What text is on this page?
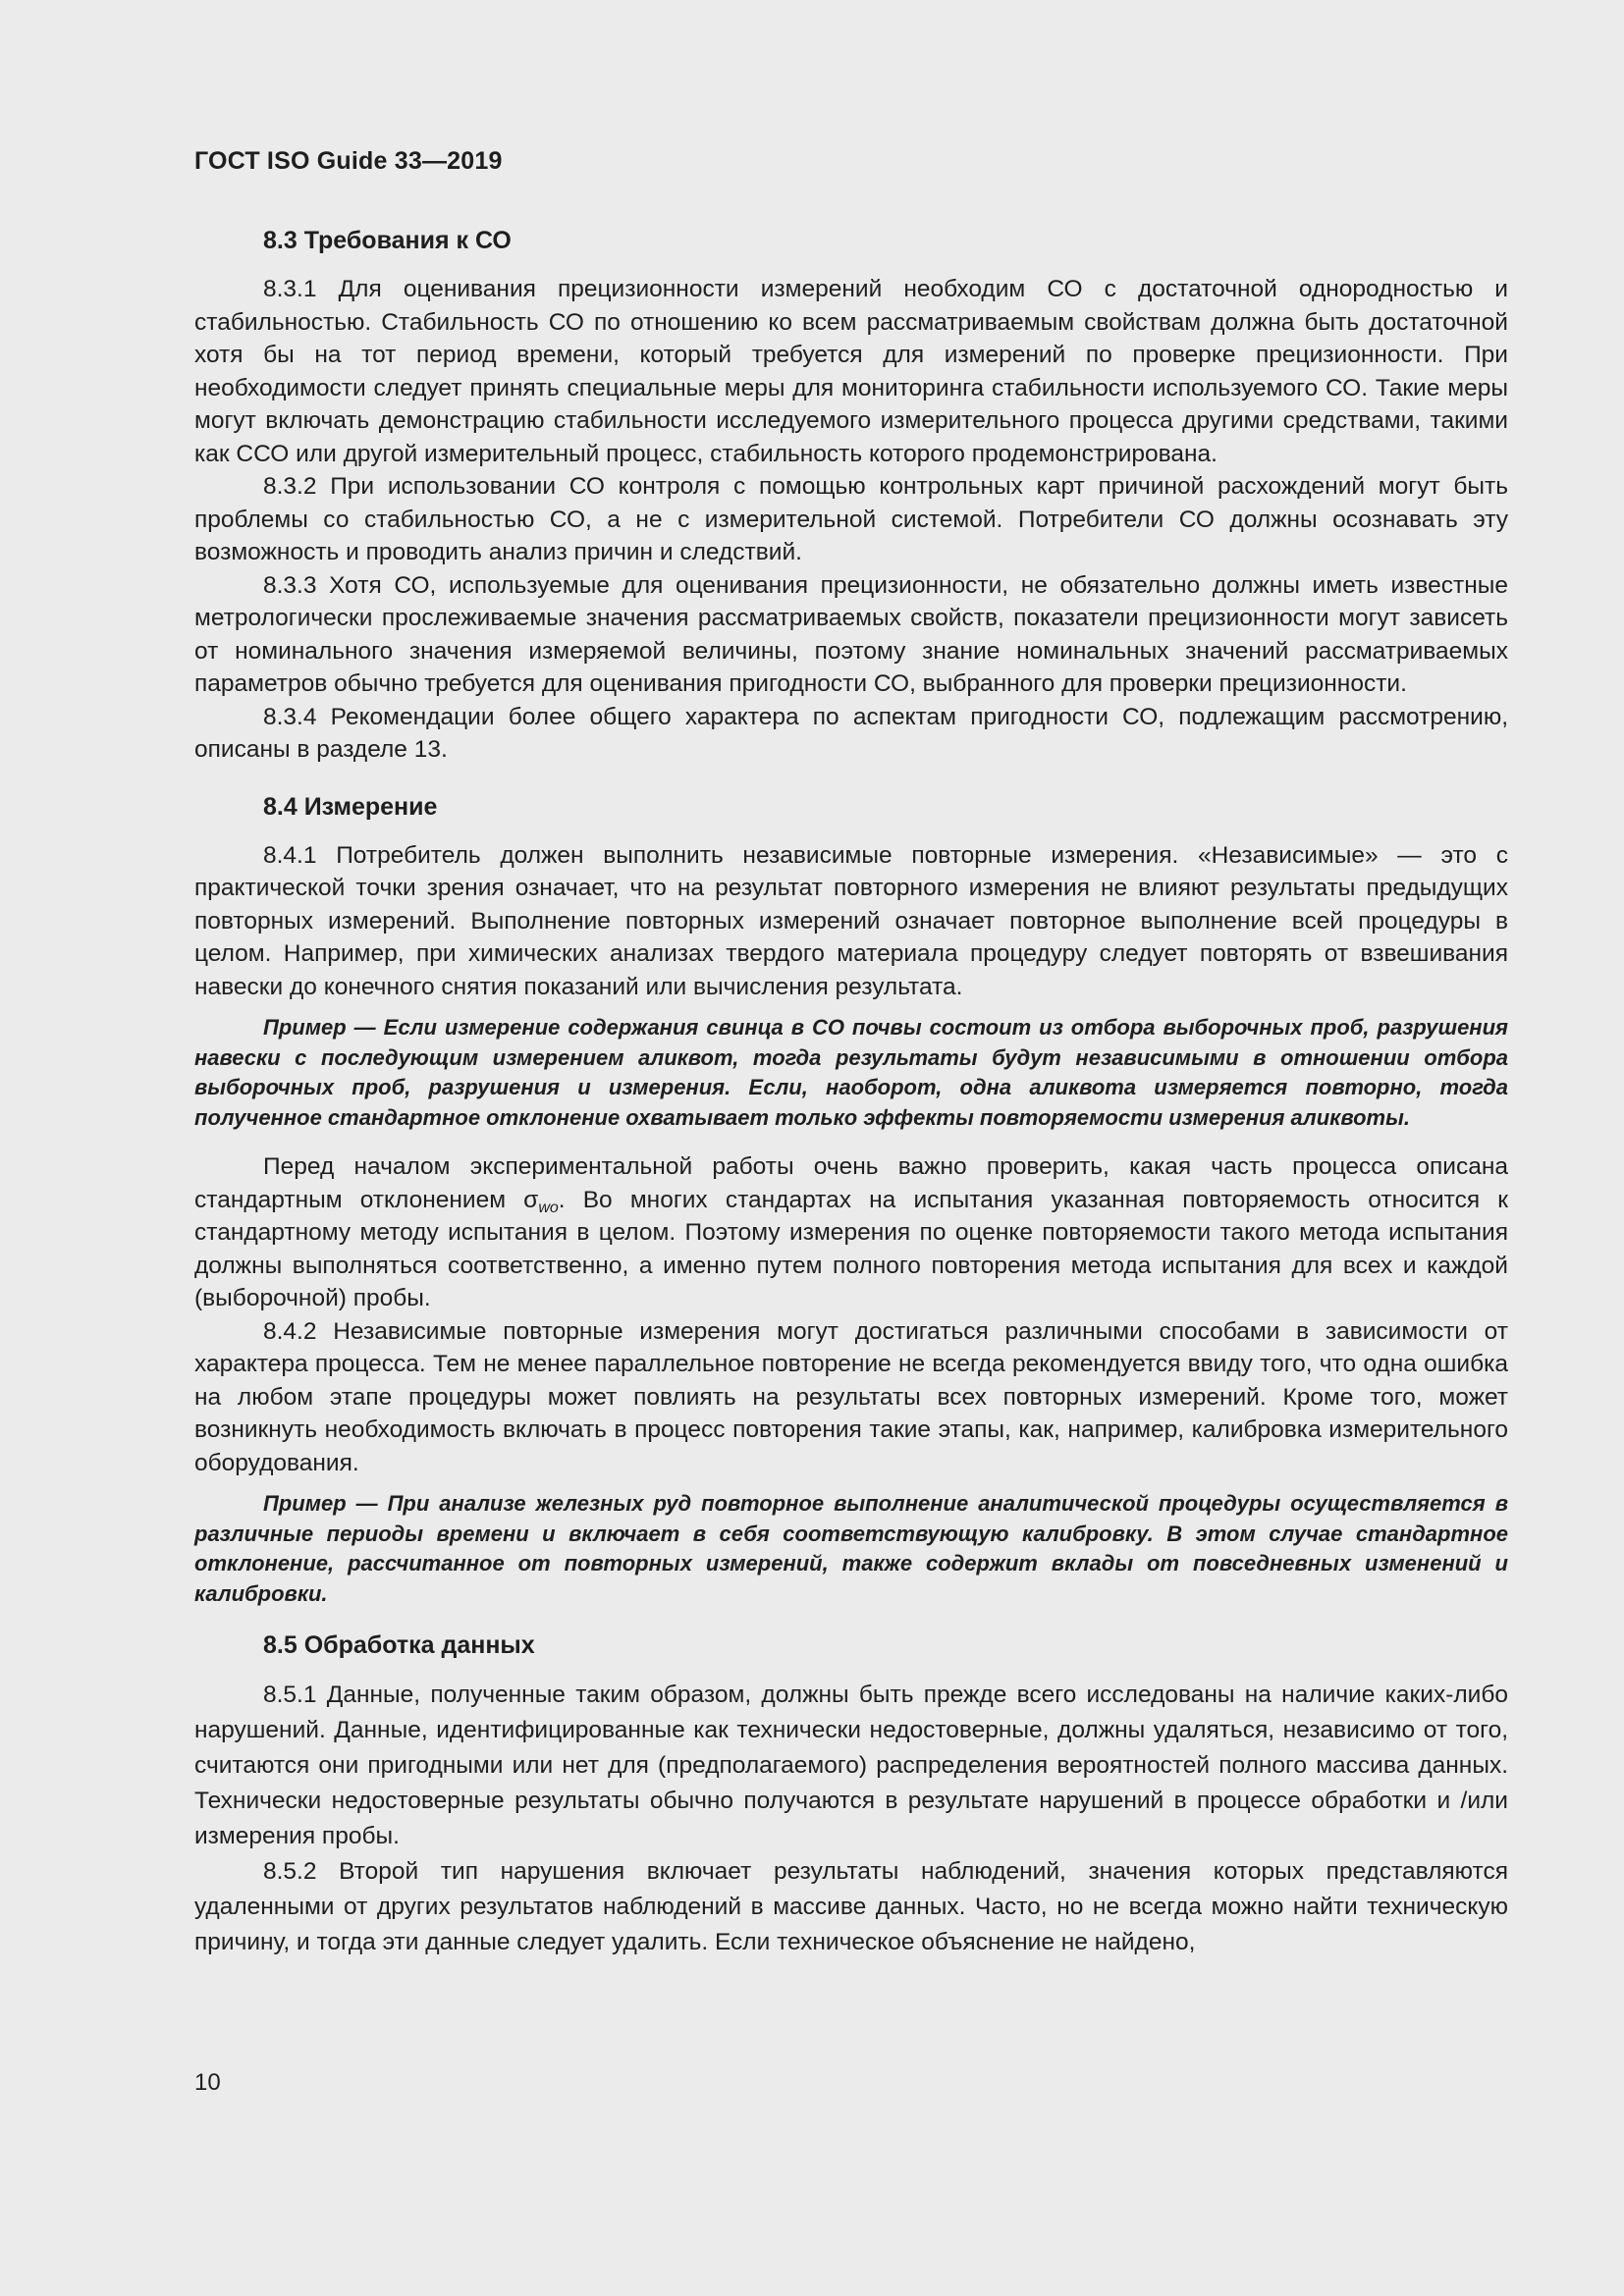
ГОСТ ISO Guide 33—2019
8.3 Требования к СО

8.3.1 Для оценивания прецизионности измерений необходим СО с достаточной однородностью и стабильностью. Стабильность СО по отношению ко всем рассматриваемым свойствам должна быть достаточной хотя бы на тот период времени, который требуется для измерений по проверке прецизионности. При необходимости следует принять специальные меры для мониторинга стабильности используемого СО. Такие меры могут включать демонстрацию стабильности исследуемого измерительного процесса другими средствами, такими как ССО или другой измерительный процесс, стабильность которого продемонстрирована.

8.3.2 При использовании СО контроля с помощью контрольных карт причиной расхождений могут быть проблемы со стабильностью СО, а не с измерительной системой. Потребители СО должны осознавать эту возможность и проводить анализ причин и следствий.

8.3.3 Хотя СО, используемые для оценивания прецизионности, не обязательно должны иметь известные метрологически прослеживаемые значения рассматриваемых свойств, показатели прецизионности могут зависеть от номинального значения измеряемой величины, поэтому знание номинальных значений рассматриваемых параметров обычно требуется для оценивания пригодности СО, выбранного для проверки прецизионности.

8.3.4 Рекомендации более общего характера по аспектам пригодности СО, подлежащим рассмотрению, описаны в разделе 13.

8.4 Измерение

8.4.1 Потребитель должен выполнить независимые повторные измерения. «Независимые» — это с практической точки зрения означает, что на результат повторного измерения не влияют результаты предыдущих повторных измерений. Выполнение повторных измерений означает повторное выполнение всей процедуры в целом. Например, при химических анализах твердого материала процедуру следует повторять от взвешивания навески до конечного снятия показаний или вычисления результата.

Пример — Если измерение содержания свинца в СО почвы состоит из отбора выборочных проб, разрушения навески с последующим измерением аликвот, тогда результаты будут независимыми в отношении отбора выборочных проб, разрушения и измерения. Если, наоборот, одна аликвота измеряется повторно, тогда полученное стандартное отклонение охватывает только эффекты повторяемости измерения аликвоты.

Перед началом экспериментальной работы очень важно проверить, какая часть процесса описана стандартным отклонением $\sigma_{wo}$. Во многих стандартах на испытания указанная повторяемость относится к стандартному методу испытания в целом. Поэтому измерения по оценке повторяемости такого метода испытания должны выполняться соответственно, а именно путем полного повторения метода испытания для всех и каждой (выборочной) пробы.

8.4.2 Независимые повторные измерения могут достигаться различными способами в зависимости от характера процесса. Тем не менее параллельное повторение не всегда рекомендуется ввиду того, что одна ошибка на любом этапе процедуры может повлиять на результаты всех повторных измерений. Кроме того, может возникнуть необходимость включать в процесс повторения такие этапы, как, например, калибровка измерительного оборудования.

Пример — При анализе железных руд повторное выполнение аналитической процедуры осуществляется в различные периоды времени и включает в себя соответствующую калибровку. В этом случае стандартное отклонение, рассчитанное от повторных измерений, также содержит вклады от повседневных изменений и калибровки.

8.5 Обработка данных

8.5.1 Данные, полученные таким образом, должны быть прежде всего исследованы на наличие каких-либо нарушений. Данные, идентифицированные как технически недостоверные, должны удаляться, независимо от того, считаются они пригодными или нет для (предполагаемого) распределения вероятностей полного массива данных. Технически недостоверные результаты обычно получаются в результате нарушений в процессе обработки и /или измерения пробы.

8.5.2 Второй тип нарушения включает результаты наблюдений, значения которых представляются удаленными от других результатов наблюдений в массиве данных. Часто, но не всегда можно найти техническую причину, и тогда эти данные следует удалить. Если техническое объяснение не найдено,

10
